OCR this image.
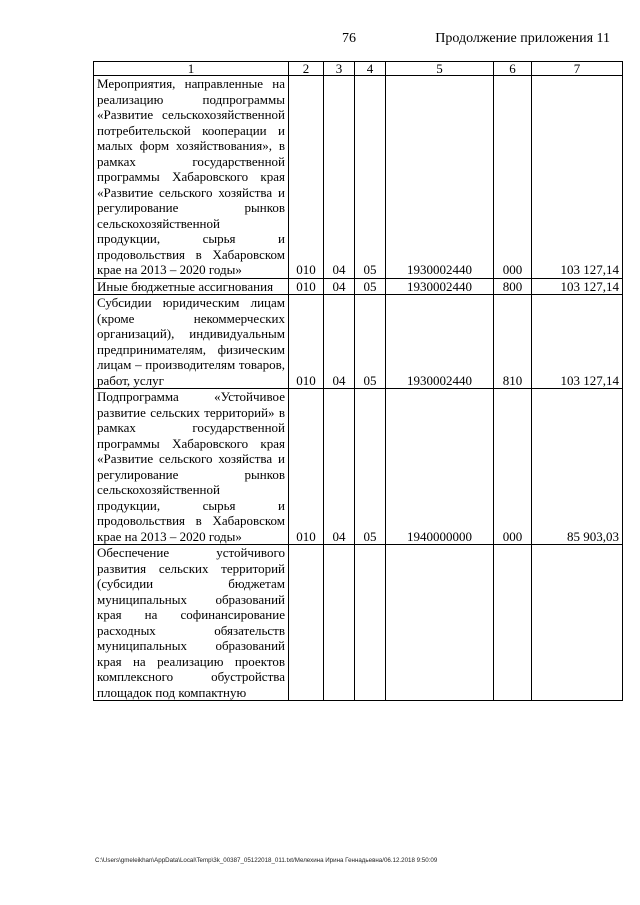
76	Продолжение приложения 11
1	2	3	4	5	6	7
Мероприятия, направленные на реализацию подпрограммы «Развитие сельскохозяйственной потребительской кооперации и малых форм хозяйствования», в рамках государственной программы Хабаровского края «Развитие сельского хозяйства и регулирование рынков сельскохозяйственной продукции, сырья и продовольствия в Хабаровском крае на 2013 – 2020 годы»	010	04	05	1930002440	000	103 127,14
Иные бюджетные ассигнования	010	04	05	1930002440	800	103 127,14
Субсидии юридическим лицам (кроме некоммерческих организаций), индивидуальным предпринимателям, физическим лицам – производителям товаров, работ, услуг	010	04	05	1930002440	810	103 127,14
Подпрограмма «Устойчивое развитие сельских территорий» в рамках государственной программы Хабаровского края «Развитие сельского хозяйства и регулирование рынков сельскохозяйственной продукции, сырья и продовольствия в Хабаровском крае на 2013 – 2020 годы»	010	04	05	1940000000	000	85 903,03
Обеспечение устойчивого развития сельских территорий (субсидии бюджетам муниципальных образований края на софинансирование расходных обязательств муниципальных образований края на реализацию проектов комплексного обустройства площадок под компактную						
C:\Users\gmeleikhan\AppData\Local\Temp\3k_00387_05122018_011.txt/Мелехина Ирина Геннадьевна/06.12.2018 9:50:09
